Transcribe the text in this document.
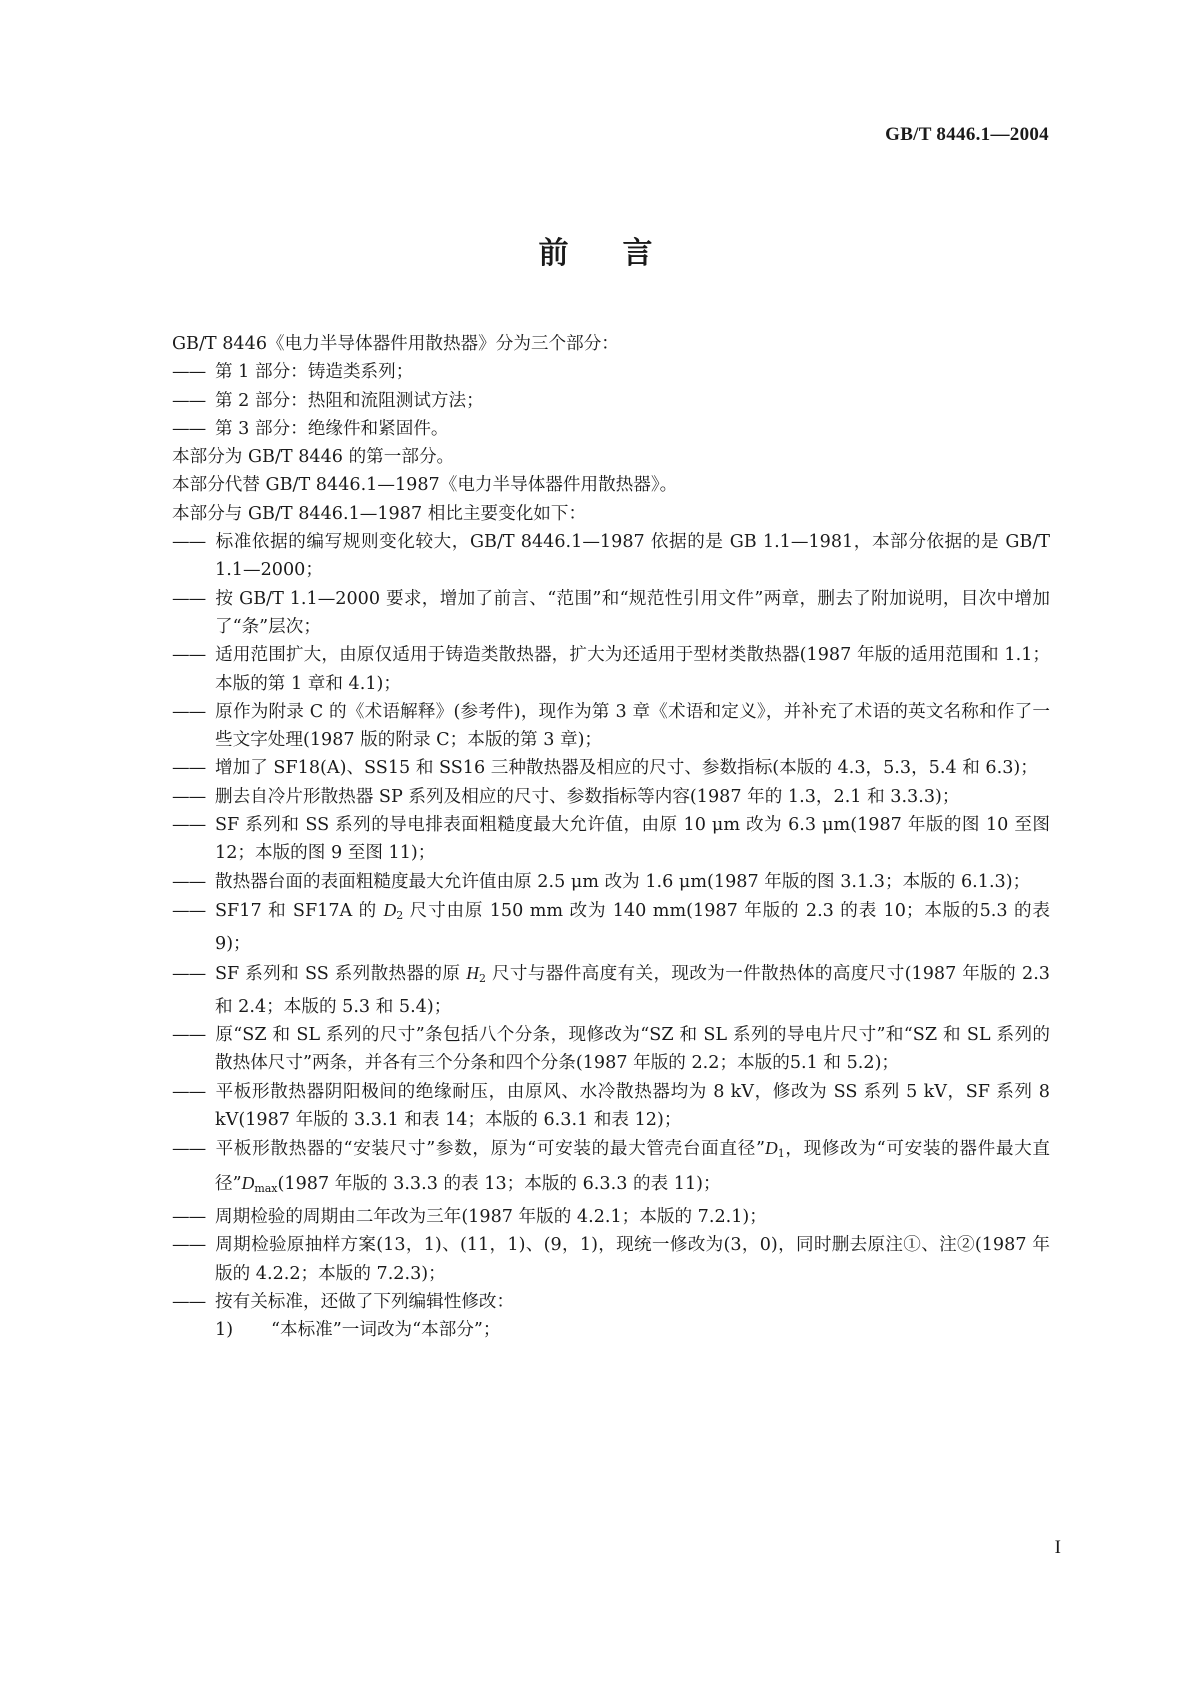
GB/T 8446.1—2004
前 言

GB/T 8446《电力半导体器件用散热器》分为三个部分：

—— 第 1 部分：铸造类系列；

—— 第 2 部分：热阻和流阻测试方法；

—— 第 3 部分：绝缘件和紧固件。

本部分为 GB/T 8446 的第一部分。

本部分代替 GB/T 8446.1—1987《电力半导体器件用散热器》。

本部分与 GB/T 8446.1—1987 相比主要变化如下：

—— 标准依据的编写规则变化较大，GB/T 8446.1—1987 依据的是 GB 1.1—1981，本部分依据的是 GB/T 1.1—2000；

—— 按 GB/T 1.1—2000 要求，增加了前言、“范围”和“规范性引用文件”两章，删去了附加说明，目次中增加了“条”层次；

—— 适用范围扩大，由原仅适用于铸造类散热器，扩大为还适用于型材类散热器(1987 年版的适用范围和 1.1；本版的第 1 章和 4.1)；

—— 原作为附录 C 的《术语解释》(参考件)，现作为第 3 章《术语和定义》，并补充了术语的英文名称和作了一些文字处理(1987 版的附录 C；本版的第 3 章)；

—— 增加了 SF18(A)、SS15 和 SS16 三种散热器及相应的尺寸、参数指标(本版的 4.3，5.3，5.4 和 6.3)；

—— 删去自冷片形散热器 SP 系列及相应的尺寸、参数指标等内容(1987 年的 1.3，2.1 和 3.3.3)；

—— SF 系列和 SS 系列的导电排表面粗糙度最大允许值，由原 10 μm 改为 6.3 μm(1987 年版的图 10 至图 12；本版的图 9 至图 11)；

—— 散热器台面的表面粗糙度最大允许值由原 2.5 μm 改为 1.6 μm(1987 年版的图 3.1.3；本版的 6.1.3)；

—— SF17 和 SF17A 的 $D_2$ 尺寸由原 150 mm 改为 140 mm(1987 年版的 2.3 的表 10；本版的5.3 的表 9)；

—— SF 系列和 SS 系列散热器的原 $H_2$ 尺寸与器件高度有关，现改为一件散热体的高度尺寸(1987 年版的 2.3 和 2.4；本版的 5.3 和 5.4)；

—— 原“SZ 和 SL 系列的尺寸”条包括八个分条，现修改为“SZ 和 SL 系列的导电片尺寸”和“SZ 和 SL 系列的散热体尺寸”两条，并各有三个分条和四个分条(1987 年版的 2.2；本版的5.1 和 5.2)；

—— 平板形散热器阴阳极间的绝缘耐压，由原风、水冷散热器均为 8 kV，修改为 SS 系列 5 kV，SF 系列 8 kV(1987 年版的 3.3.1 和表 14；本版的 6.3.1 和表 12)；

—— 平板形散热器的“安装尺寸”参数，原为“可安装的最大管壳台面直径$”D_1$，现修改为“可安装的器件最大直径$”D_{max}(1987$ 年版的 3.3.3 的表 13；本版的 6.3.3 的表 11)；

—— 周期检验的周期由二年改为三年(1987 年版的 4.2.1；本版的 7.2.1)；

—— 周期检验原抽样方案(13，1)、(11，1)、(9，1)，现统一修改为(3，0)，同时删去原注①、注②(1987 年版的 4.2.2；本版的 7.2.3)；

—— 按有关标准，还做了下列编辑性修改：

1) “本标准”一词改为“本部分”；

I
